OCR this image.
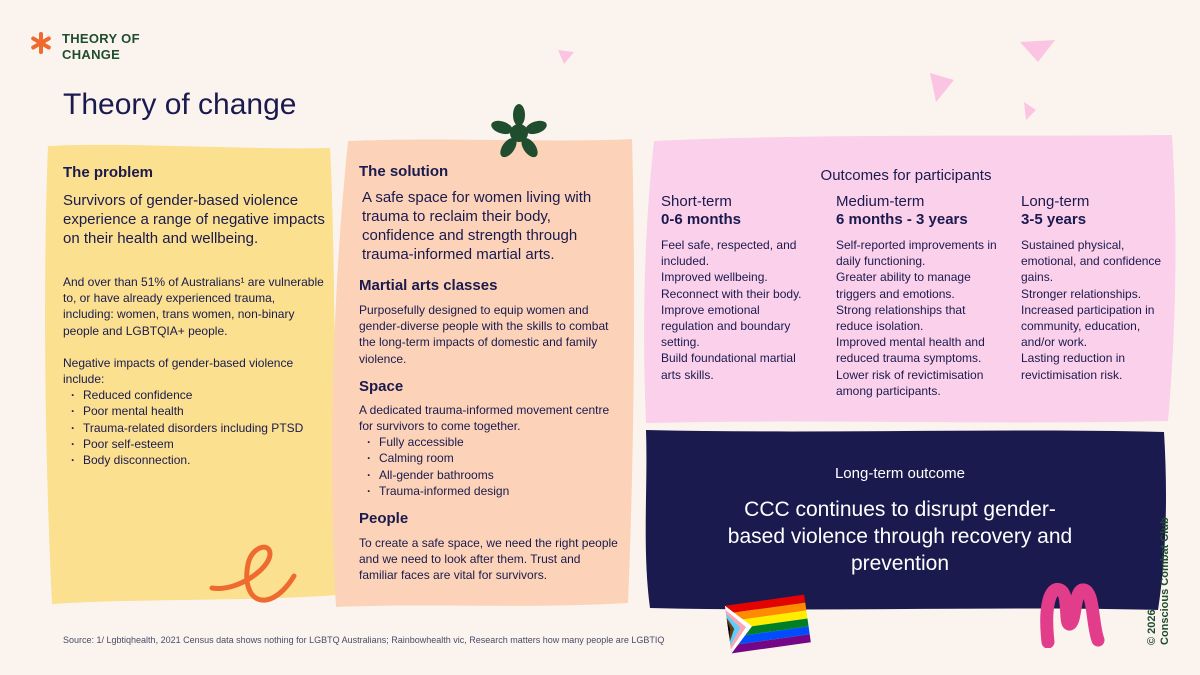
THEORY OF CHANGE
Theory of change
The problem

Survivors of gender-based violence experience a range of negative impacts on their health and wellbeing.

And over than 51% of Australians¹ are vulnerable to, or have already experienced trauma, including: women, trans women, non-binary people and LGBTQIA+ people.

Negative impacts of gender-based violence include:

· Reduced confidence
· Poor mental health
· Trauma-related disorders including PTSD
· Poor self-esteem
· Body disconnection.
The solution

A safe space for women living with trauma to reclaim their body, confidence and strength through trauma-informed martial arts.

Martial arts classes

Purposefully designed to equip women and gender-diverse people with the skills to combat the long-term impacts of domestic and family violence.

Space

A dedicated trauma-informed movement centre for survivors to come together.

· Fully accessible
· Calming room
· All-gender bathrooms
· Trauma-informed design
People

To create a safe space, we need the right people and we need to look after them. Trust and familiar faces are vital for survivors.

Outcomes for participants
Short-term
0-6 months
Feel safe, respected, and included.
Improved wellbeing.
Reconnect with their body.
Improve emotional regulation and boundary setting.
Build foundational martial arts skills.
Medium-term
6 months - 3 years
Self-reported improvements in daily functioning.
Greater ability to manage triggers and emotions.
Strong relationships that reduce isolation.
Improved mental health and reduced trauma symptoms.
Lower risk of revictimisation among participants.
Long-term
3-5 years
Sustained physical, emotional, and confidence gains.
Stronger relationships.
Increased participation in community, education, and/or work.
Lasting reduction in revictimisation risk.
Long-term outcome
CCC continues to disrupt gender-based violence through recovery and prevention
Source: 1/ Lgbtiqhealth, 2021 Census data shows nothing for LGBTQ Australians; Rainbowhealth vic, Research matters how many people are LGBTIQ	© 2026 Conscious Combat Club
